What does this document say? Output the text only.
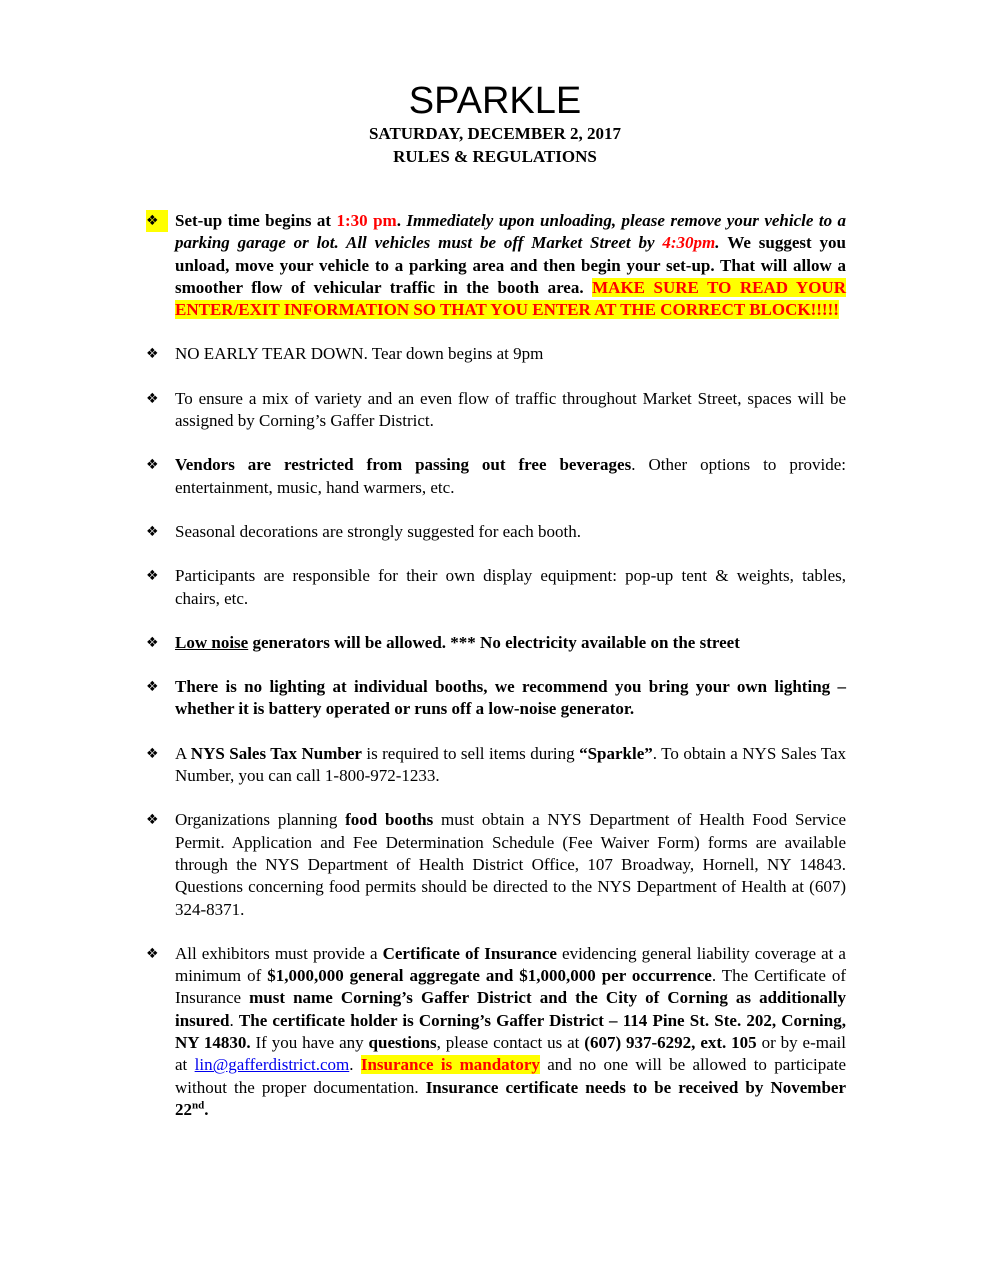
SPARKLE
SATURDAY, DECEMBER 2, 2017
RULES & REGULATIONS
❖ Set-up time begins at 1:30 pm. Immediately upon unloading, please remove your vehicle to a parking garage or lot. All vehicles must be off Market Street by 4:30pm. We suggest you unload, move your vehicle to a parking area and then begin your set-up. That will allow a smoother flow of vehicular traffic in the booth area. MAKE SURE TO READ YOUR ENTER/EXIT INFORMATION SO THAT YOU ENTER AT THE CORRECT BLOCK!!!!!
❖ NO EARLY TEAR DOWN. Tear down begins at 9pm
❖ To ensure a mix of variety and an even flow of traffic throughout Market Street, spaces will be assigned by Corning’s Gaffer District.
❖ Vendors are restricted from passing out free beverages. Other options to provide: entertainment, music, hand warmers, etc.
❖ Seasonal decorations are strongly suggested for each booth.
❖ Participants are responsible for their own display equipment: pop-up tent & weights, tables, chairs, etc.
❖ Low noise generators will be allowed. *** No electricity available on the street
❖ There is no lighting at individual booths, we recommend you bring your own lighting – whether it is battery operated or runs off a low-noise generator.
❖ A NYS Sales Tax Number is required to sell items during “Sparkle”. To obtain a NYS Sales Tax Number, you can call 1-800-972-1233.
❖ Organizations planning food booths must obtain a NYS Department of Health Food Service Permit. Application and Fee Determination Schedule (Fee Waiver Form) forms are available through the NYS Department of Health District Office, 107 Broadway, Hornell, NY 14843. Questions concerning food permits should be directed to the NYS Department of Health at (607) 324-8371.
❖ All exhibitors must provide a Certificate of Insurance evidencing general liability coverage at a minimum of $1,000,000 general aggregate and $1,000,000 per occurrence. The Certificate of Insurance must name Corning’s Gaffer District and the City of Corning as additionally insured. The certificate holder is Corning’s Gaffer District – 114 Pine St. Ste. 202, Corning, NY 14830. If you have any questions, please contact us at (607) 937-6292, ext. 105 or by e-mail at lin@gafferdistrict.com. Insurance is mandatory and no one will be allowed to participate without the proper documentation. Insurance certificate needs to be received by November 22nd.
